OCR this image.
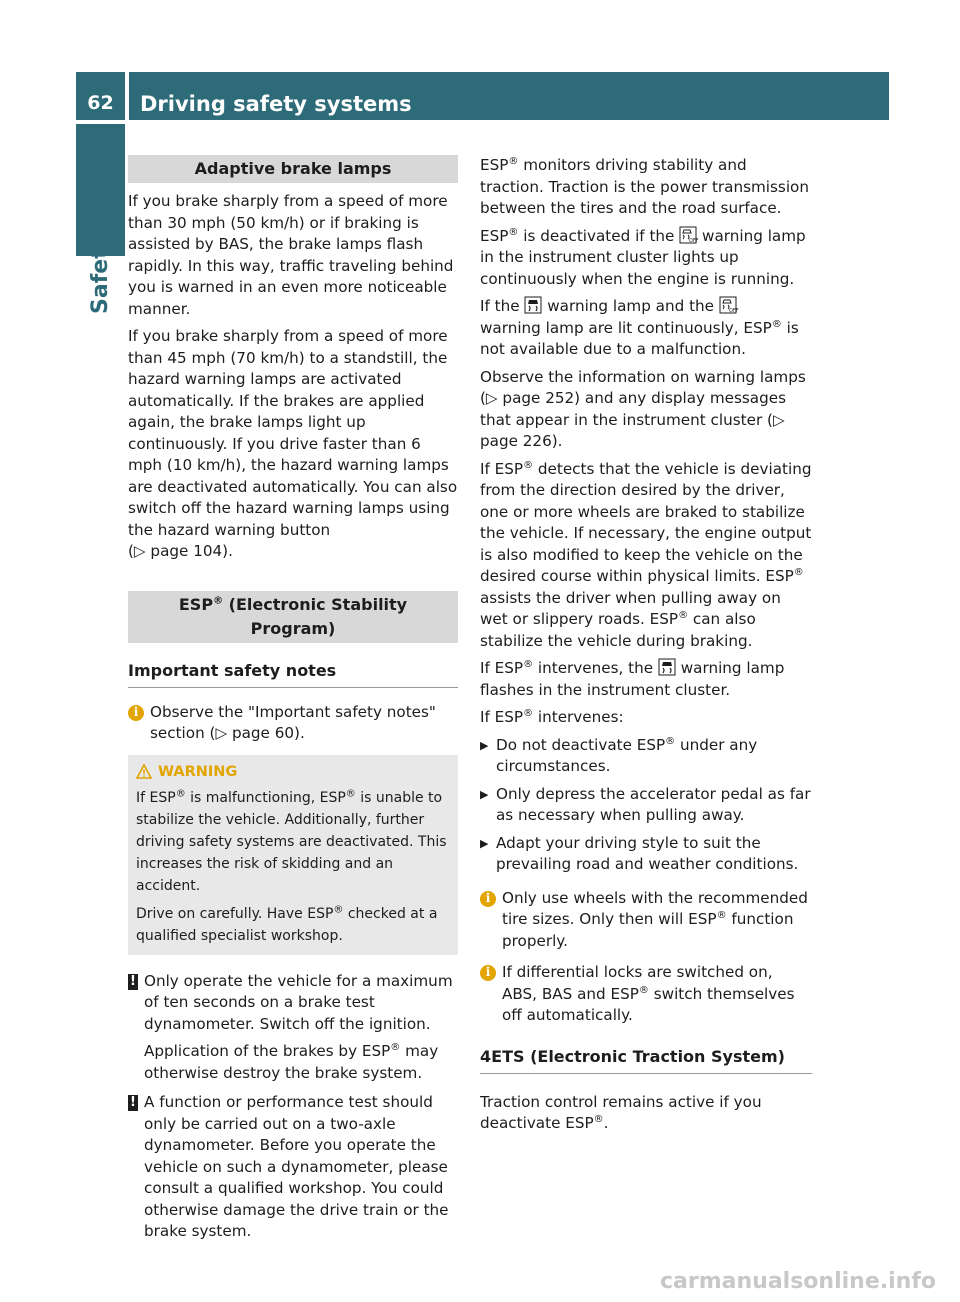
62	Driving safety systems
Safety
Adaptive brake lamps

If you brake sharply from a speed of more than 30 mph (50 km/h) or if braking is assisted by BAS, the brake lamps flash rapidly. In this way, traffic traveling behind you is warned in an even more noticeable manner.

If you brake sharply from a speed of more than 45 mph (70 km/h) to a standstill, the hazard warning lamps are activated automatically. If the brakes are applied again, the brake lamps light up continuously. If you drive faster than 6 mph (10 km/h), the hazard warning lamps are deactivated automatically. You can also switch off the hazard warning lamps using the hazard warning button
(▷ page 104).

ESP® (Electronic Stability Program)
Important safety notes
i Observe the "Important safety notes" section (▷ page 60).
WARNING

If ESP® is malfunctioning, ESP® is unable to stabilize the vehicle. Additionally, further driving safety systems are deactivated. This increases the risk of skidding and an accident.

Drive on carefully. Have ESP® checked at a qualified specialist workshop.

! Only operate the vehicle for a maximum of ten seconds on a brake test dynamometer. Switch off the ignition.

Application of the brakes by ESP® may otherwise destroy the brake system.

! A function or performance test should only be carried out on a two-axle dynamometer. Before you operate the vehicle on such a dynamometer, please consult a qualified workshop. You could otherwise damage the drive train or the brake system.

ESP® monitors driving stability and traction. Traction is the power transmission between the tires and the road surface.

ESP® is deactivated if the OFF
warning lamp in the instrument cluster lights up continuously when the engine is running.

If the  warning lamp and the OFF

warning lamp are lit continuously, ESP® is not available due to a malfunction.

Observe the information on warning lamps (▷ page 252) and any display messages that appear in the instrument cluster (▷ page 226).

If ESP® detects that the vehicle is deviating from the direction desired by the driver, one or more wheels are braked to stabilize the vehicle. If necessary, the engine output is also modified to keep the vehicle on the desired course within physical limits. ESP® assists the driver when pulling away on wet or slippery roads. ESP® can also stabilize the vehicle during braking.

If ESP® intervenes, the  warning lamp flashes in the instrument cluster.

If ESP® intervenes:

▶ Do not deactivate ESP® under any circumstances.
▶ Only depress the accelerator pedal as far as necessary when pulling away.
▶ Adapt your driving style to suit the prevailing road and weather conditions.
i Only use wheels with the recommended tire sizes. Only then will ESP® function properly.
i If differential locks are switched on, ABS, BAS and ESP® switch themselves off automatically.
4ETS (Electronic Traction System)

Traction control remains active if you deactivate ESP®.

carmanualsonline.info
